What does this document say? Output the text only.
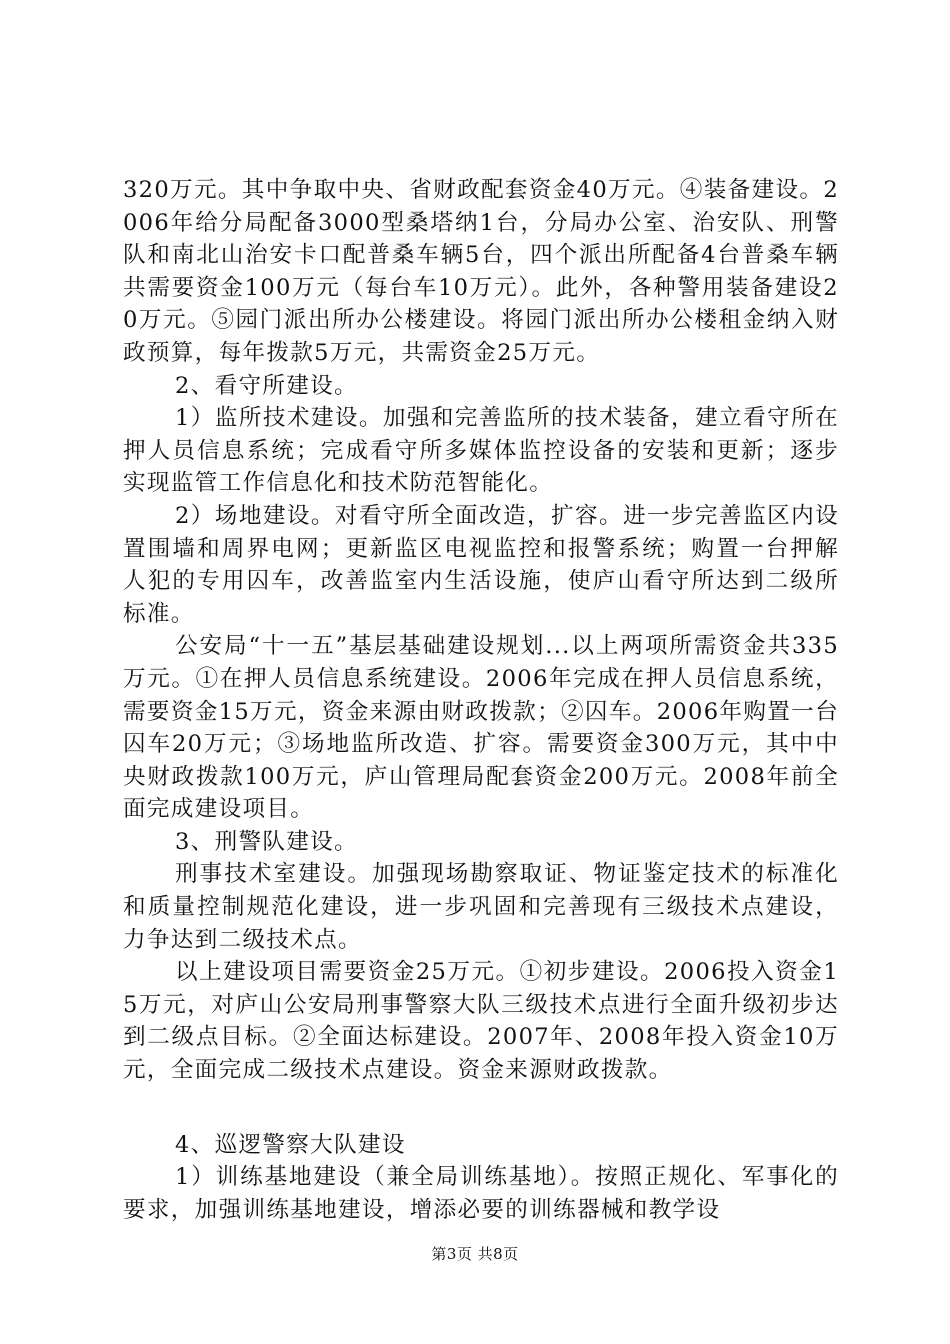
320万元。其中争取中央、省财政配套资金40万元。④装备建设。2006年给分局配备3000型桑塔纳1台，分局办公室、治安队、刑警队和南北山治安卡口配普桑车辆5台，四个派出所配备4台普桑车辆共需要资金100万元（每台车10万元）。此外，各种警用装备建设20万元。⑤园门派出所办公楼建设。将园门派出所办公楼租金纳入财政预算，每年拨款5万元，共需资金25万元。

2、看守所建设。

1）监所技术建设。加强和完善监所的技术装备，建立看守所在押人员信息系统；完成看守所多媒体监控设备的安装和更新；逐步实现监管工作信息化和技术防范智能化。

2）场地建设。对看守所全面改造，扩容。进一步完善监区内设置围墙和周界电网；更新监区电视监控和报警系统；购置一台押解人犯的专用囚车，改善监室内生活设施，使庐山看守所达到二级所标准。

公安局“十一五”基层基础建设规划...以上两项所需资金共335万元。①在押人员信息系统建设。2006年完成在押人员信息系统，需要资金15万元，资金来源由财政拨款；②囚车。2006年购置一台囚车20万元；③场地监所改造、扩容。需要资金300万元，其中中央财政拨款100万元，庐山管理局配套资金200万元。2008年前全面完成建设项目。

3、刑警队建设。

刑事技术室建设。加强现场勘察取证、物证鉴定技术的标准化和质量控制规范化建设，进一步巩固和完善现有三级技术点建设，力争达到二级技术点。

以上建设项目需要资金25万元。①初步建设。2006投入资金15万元，对庐山公安局刑事警察大队三级技术点进行全面升级初步达到二级点目标。②全面达标建设。2007年、2008年投入资金10万元，全面完成二级技术点建设。资金来源财政拨款。

4、巡逻警察大队建设

1）训练基地建设（兼全局训练基地）。按照正规化、军事化的要求，加强训练基地建设，增添必要的训练器械和教学设

第3页 共8页
